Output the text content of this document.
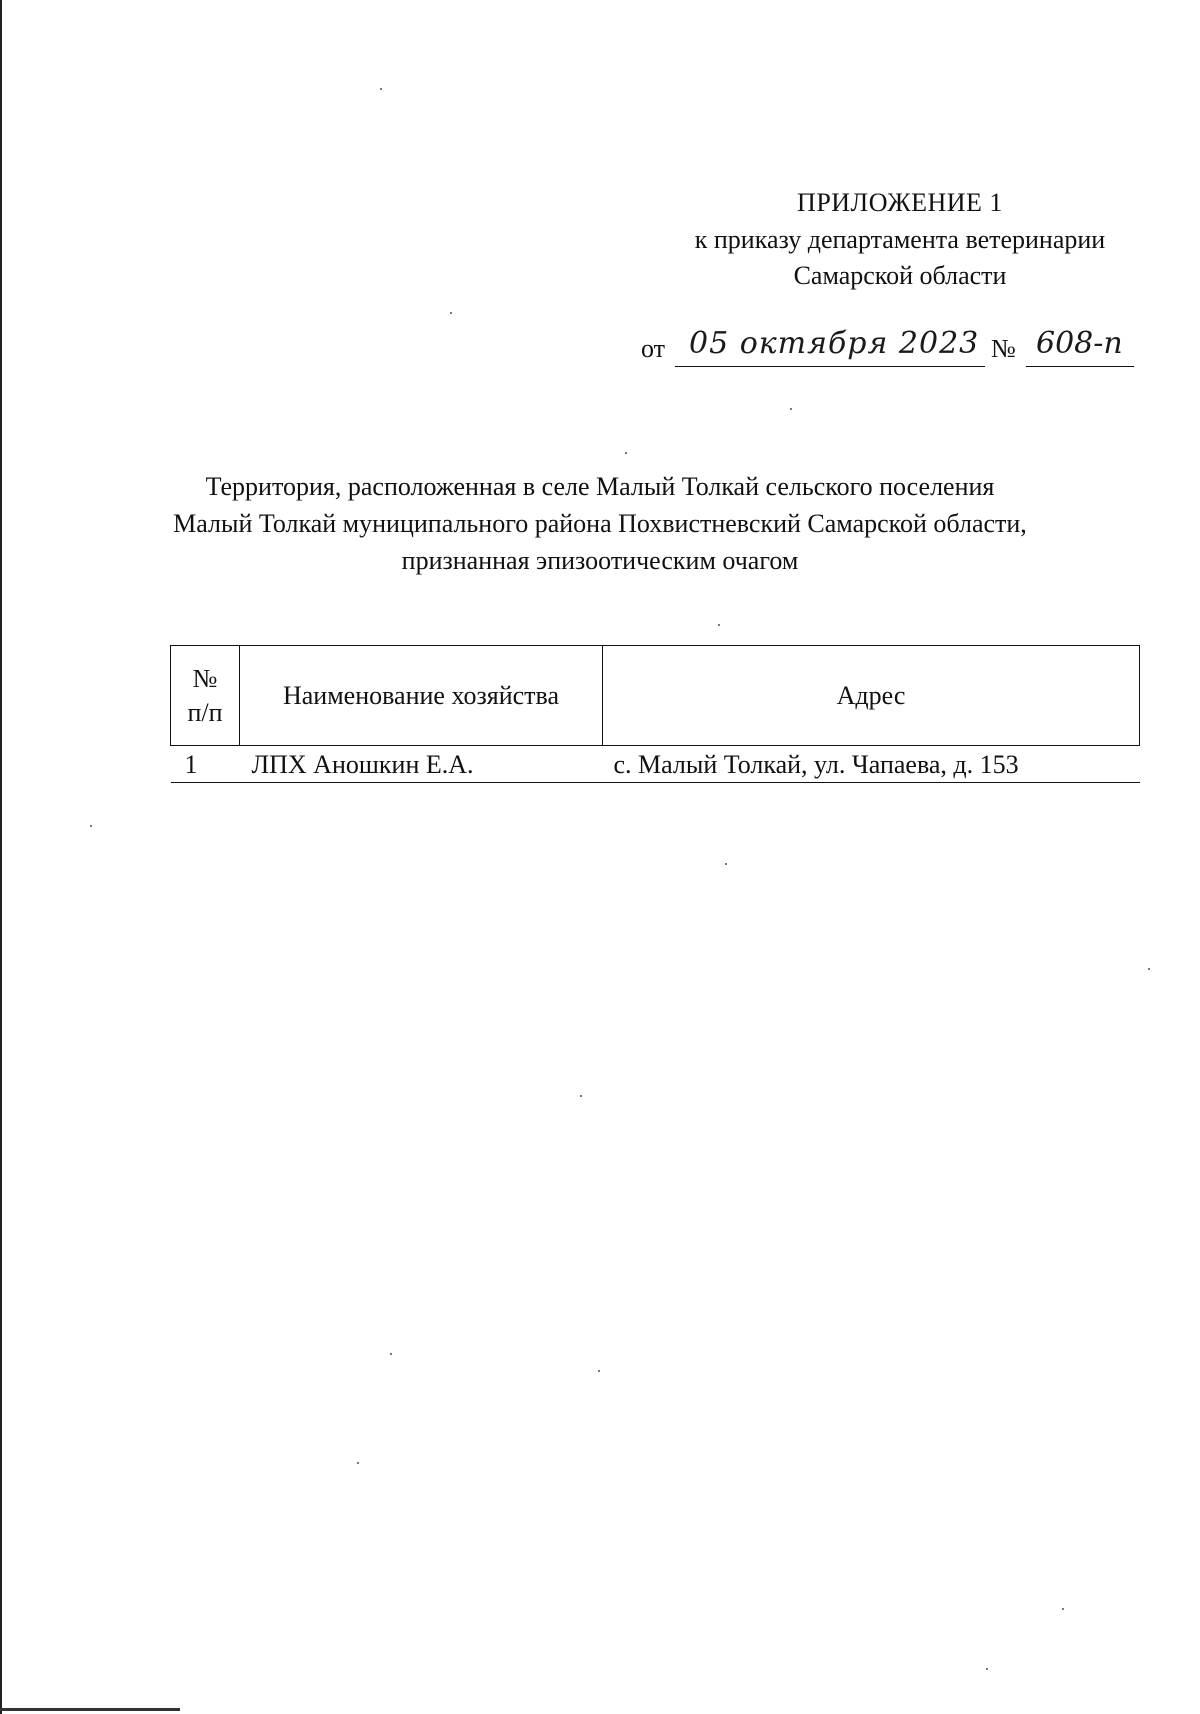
ПРИЛОЖЕНИЕ 1
к приказу департамента ветеринарии
Самарской области
от 05 октября 2023 № 608-п
Территория, расположенная в селе Малый Толкай сельского поселения
Малый Толкай муниципального района Похвистневский Самарской области,
признанная эпизоотическим очагом
№
п/п	Наименование хозяйства	Адрес
1	ЛПХ Аношкин Е.А.	с. Малый Толкай, ул. Чапаева, д. 153
